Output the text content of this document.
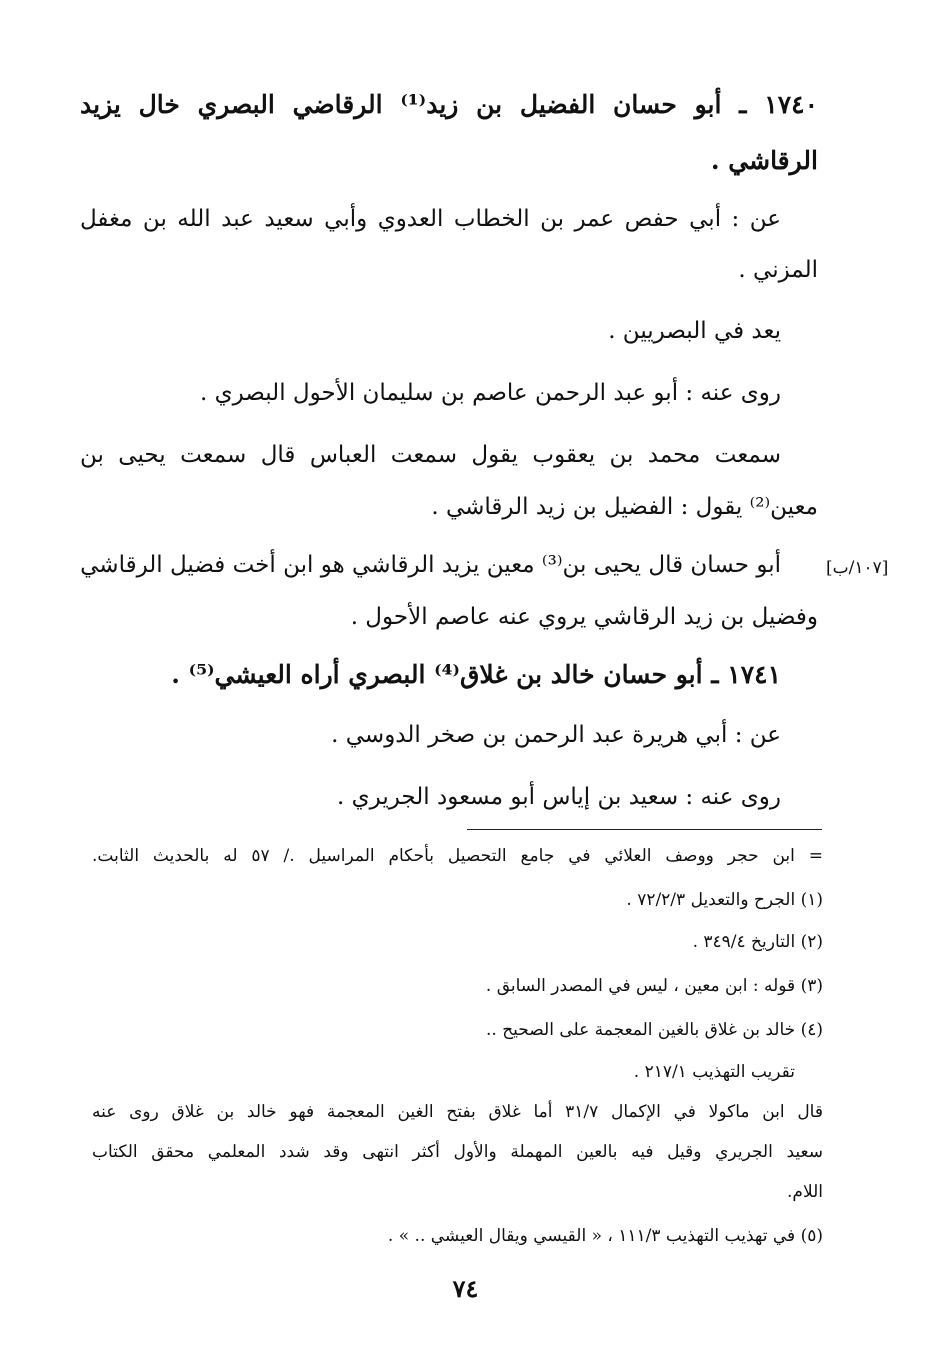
١٧٤٠ ـ أبو حسان الفضيل بن زيد⁽¹⁾ الرقاضي البصري خال يزيد
الرقاشي .
عن : أبي حفص عمر بن الخطاب العدوي وأبي سعيد عبد الله بن مغفل
المزني .
يعد في البصريين .
روى عنه : أبو عبد الرحمن عاصم بن سليمان الأحول البصري .
سمعت محمد بن يعقوب يقول سمعت العباس قال سمعت يحيى بن
معين⁽²⁾ يقول : الفضيل بن زيد الرقاشي .
[١٠٧/ب]
أبو حسان قال يحيى بن⁽³⁾ معين يزيد الرقاشي هو ابن أخت فضيل الرقاشي
وفضيل بن زيد الرقاشي يروي عنه عاصم الأحول .
١٧٤١ ـ أبو حسان خالد بن غلاق⁽⁴⁾ البصري أراه العيشي⁽⁵⁾ .
عن : أبي هريرة عبد الرحمن بن صخر الدوسي .
روى عنه : سعيد بن إياس أبو مسعود الجريري .
= ابن حجر ووصف العلائي في جامع التحصيل بأحكام المراسيل ./ ٥٧ له بالحديث الثابت.
(١) الجرح والتعديل ٧٢/٢/٣ .
(٢) التاريخ ٣٤٩/٤ .
(٣) قوله : ابن معين ، ليس في المصدر السابق .
(٤) خالد بن غلاق بالغين المعجمة على الصحيح ..
تقريب التهذيب ٢١٧/١ .
قال ابن ماكولا في الإكمال ٣١/٧ أما غلاق بفتح الغين المعجمة فهو خالد بن غلاق روى عنه
سعيد الجريري وقيل فيه بالعين المهملة والأول أكثر انتهى وقد شدد المعلمي محقق الكتاب
اللام.
(٥) في تهذيب التهذيب ١١١/٣ ، « القيسي ويقال العيشي .. » .
٧٤
